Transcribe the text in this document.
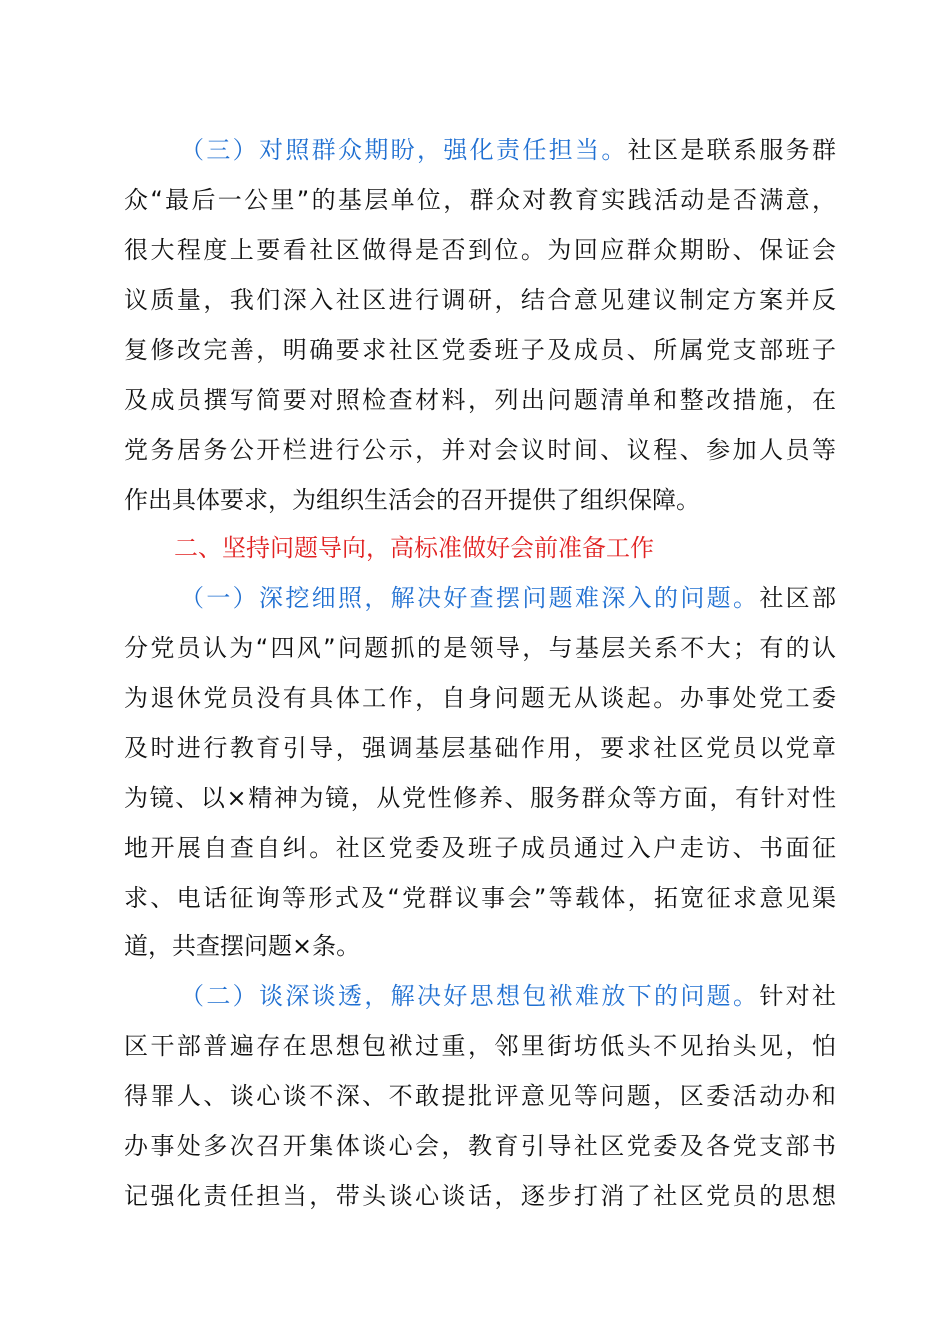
（三）对照群众期盼，强化责任担当。社区是联系服务群
众“最后一公里”的基层单位，群众对教育实践活动是否满意，
很大程度上要看社区做得是否到位。为回应群众期盼、保证会
议质量，我们深入社区进行调研，结合意见建议制定方案并反
复修改完善，明确要求社区党委班子及成员、所属党支部班子
及成员撰写简要对照检查材料，列出问题清单和整改措施，在
党务居务公开栏进行公示，并对会议时间、议程、参加人员等
作出具体要求，为组织生活会的召开提供了组织保障。
二、坚持问题导向，高标准做好会前准备工作
（一）深挖细照，解决好查摆问题难深入的问题。社区部
分党员认为“四风”问题抓的是领导，与基层关系不大；有的认
为退休党员没有具体工作，自身问题无从谈起。办事处党工委
及时进行教育引导，强调基层基础作用，要求社区党员以党章
为镜、以×精神为镜，从党性修养、服务群众等方面，有针对性
地开展自查自纠。社区党委及班子成员通过入户走访、书面征
求、电话征询等形式及“党群议事会”等载体，拓宽征求意见渠
道，共查摆问题×条。
（二）谈深谈透，解决好思想包袱难放下的问题。针对社
区干部普遍存在思想包袱过重，邻里街坊低头不见抬头见，怕
得罪人、谈心谈不深、不敢提批评意见等问题，区委活动办和
办事处多次召开集体谈心会，教育引导社区党委及各党支部书
记强化责任担当，带头谈心谈话，逐步打消了社区党员的思想
